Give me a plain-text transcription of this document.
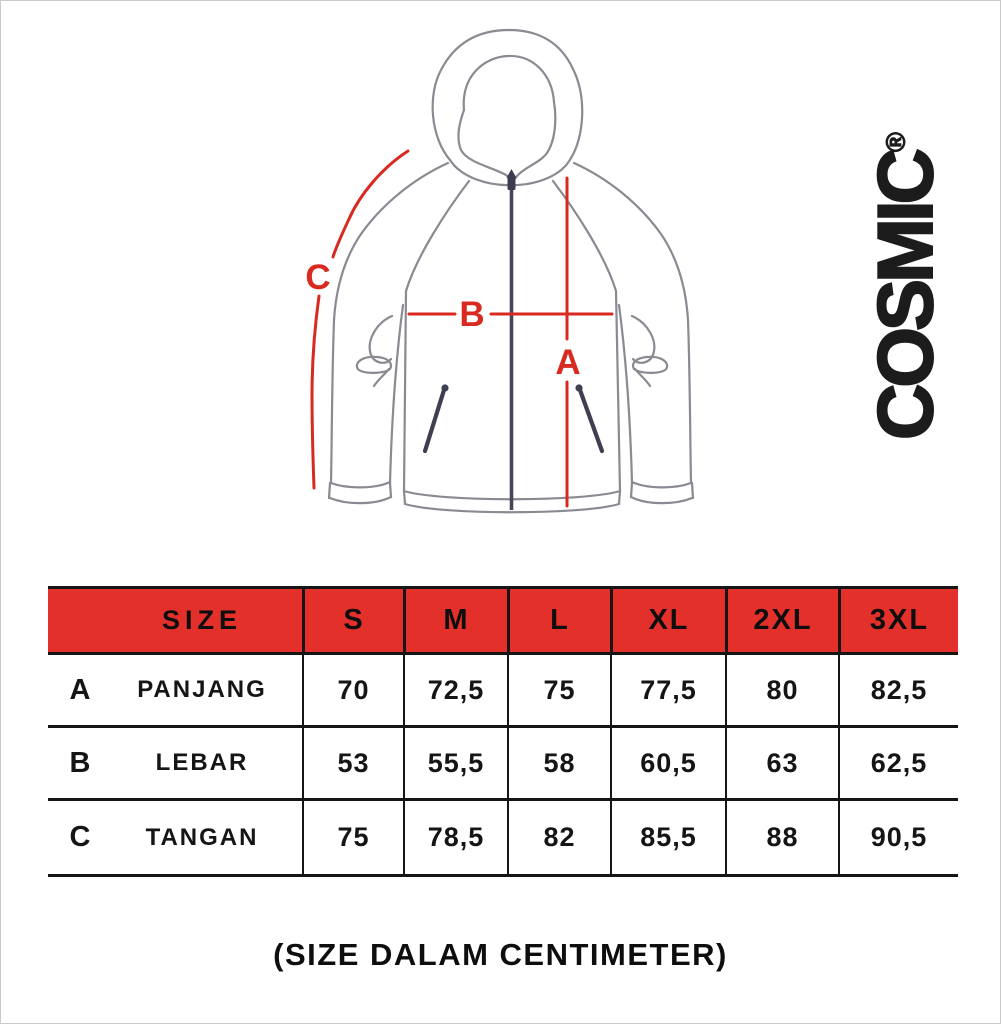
A
B
C	COSMIC®
SIZE	S	M	L	XL	2XL	3XL
A	PANJANG	70	72,5	75	77,5	80	82,5
B	LEBAR	53	55,5	58	60,5	63	62,5
C	TANGAN	75	78,5	82	85,5	88	90,5
(SIZE DALAM CENTIMETER)
